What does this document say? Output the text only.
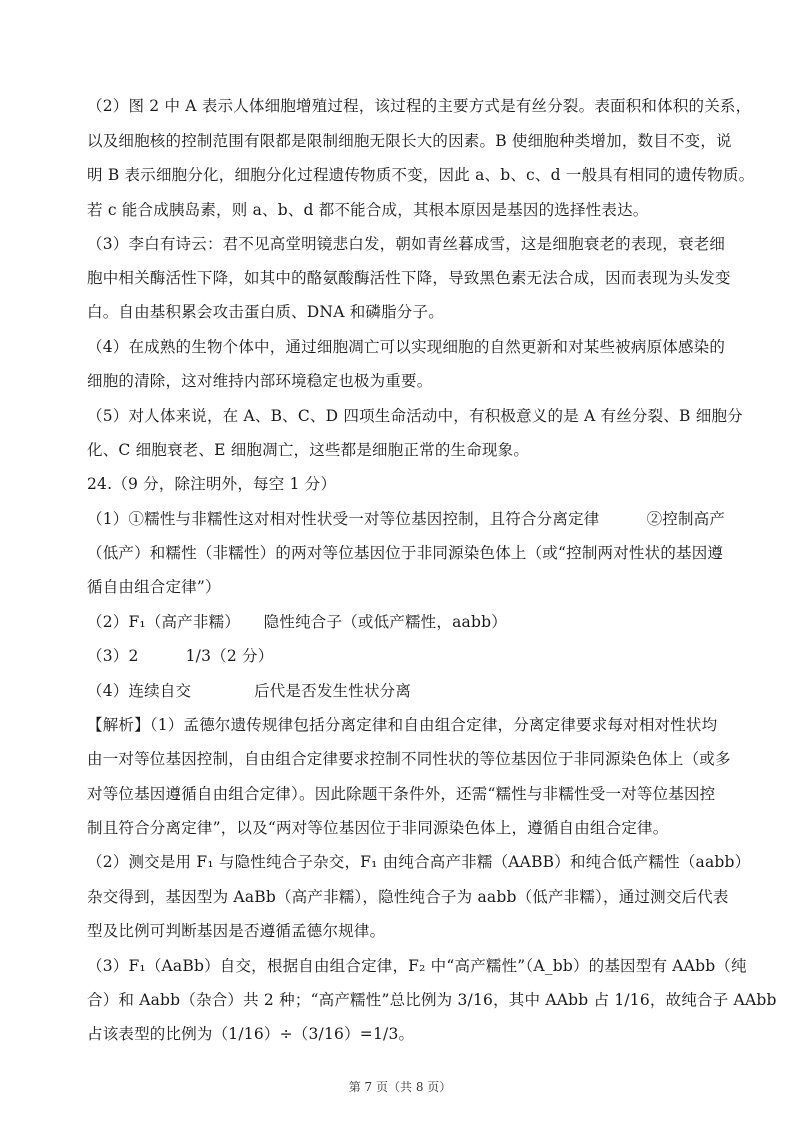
（2）图 2 中 A 表示人体细胞增殖过程，该过程的主要方式是有丝分裂。表面积和体积的关系，
以及细胞核的控制范围有限都是限制细胞无限长大的因素。B 使细胞种类增加，数目不变，说
明 B 表示细胞分化，细胞分化过程遗传物质不变，因此 a、b、c、d 一般具有相同的遗传物质。
若 c 能合成胰岛素，则 a、b、d 都不能合成，其根本原因是基因的选择性表达。
（3）李白有诗云：君不见高堂明镜悲白发，朝如青丝暮成雪，这是细胞衰老的表现，衰老细
胞中相关酶活性下降，如其中的酪氨酸酶活性下降，导致黑色素无法合成，因而表现为头发变
白。自由基积累会攻击蛋白质、DNA 和磷脂分子。
（4）在成熟的生物个体中，通过细胞凋亡可以实现细胞的自然更新和对某些被病原体感染的
细胞的清除，这对维持内部环境稳定也极为重要。
（5）对人体来说，在 A、B、C、D 四项生命活动中，有积极意义的是 A 有丝分裂、B 细胞分
化、C 细胞衰老、E 细胞凋亡，这些都是细胞正常的生命现象。
24.（9 分，除注明外，每空 1 分）
（1）①糯性与非糯性这对相对性状受一对等位基因控制，且符合分离定律　　　②控制高产
（低产）和糯性（非糯性）的两对等位基因位于非同源染色体上（或“控制两对性状的基因遵
循自由组合定律”）
（2）F₁（高产非糯）　　隐性纯合子（或低产糯性，aabb）
（3）2　　　1/3（2 分）
（4）连续自交　　　　后代是否发生性状分离
【解析】（1）孟德尔遗传规律包括分离定律和自由组合定律，分离定律要求每对相对性状均
由一对等位基因控制，自由组合定律要求控制不同性状的等位基因位于非同源染色体上（或多
对等位基因遵循自由组合定律）。因此除题干条件外，还需“糯性与非糯性受一对等位基因控
制且符合分离定律”，以及“两对等位基因位于非同源染色体上，遵循自由组合定律。
（2）测交是用 F₁ 与隐性纯合子杂交，F₁ 由纯合高产非糯（AABB）和纯合低产糯性（aabb）
杂交得到，基因型为 AaBb（高产非糯），隐性纯合子为 aabb（低产非糯），通过测交后代表
型及比例可判断基因是否遵循孟德尔规律。
（3）F₁（AaBb）自交，根据自由组合定律，F₂ 中“高产糯性”（A_bb）的基因型有 AAbb（纯
合）和 Aabb（杂合）共 2 种；“高产糯性”总比例为 3/16，其中 AAbb 占 1/16，故纯合子 AAbb
占该表型的比例为（1/16）÷（3/16）=1/3。
第 7 页（共 8 页）
